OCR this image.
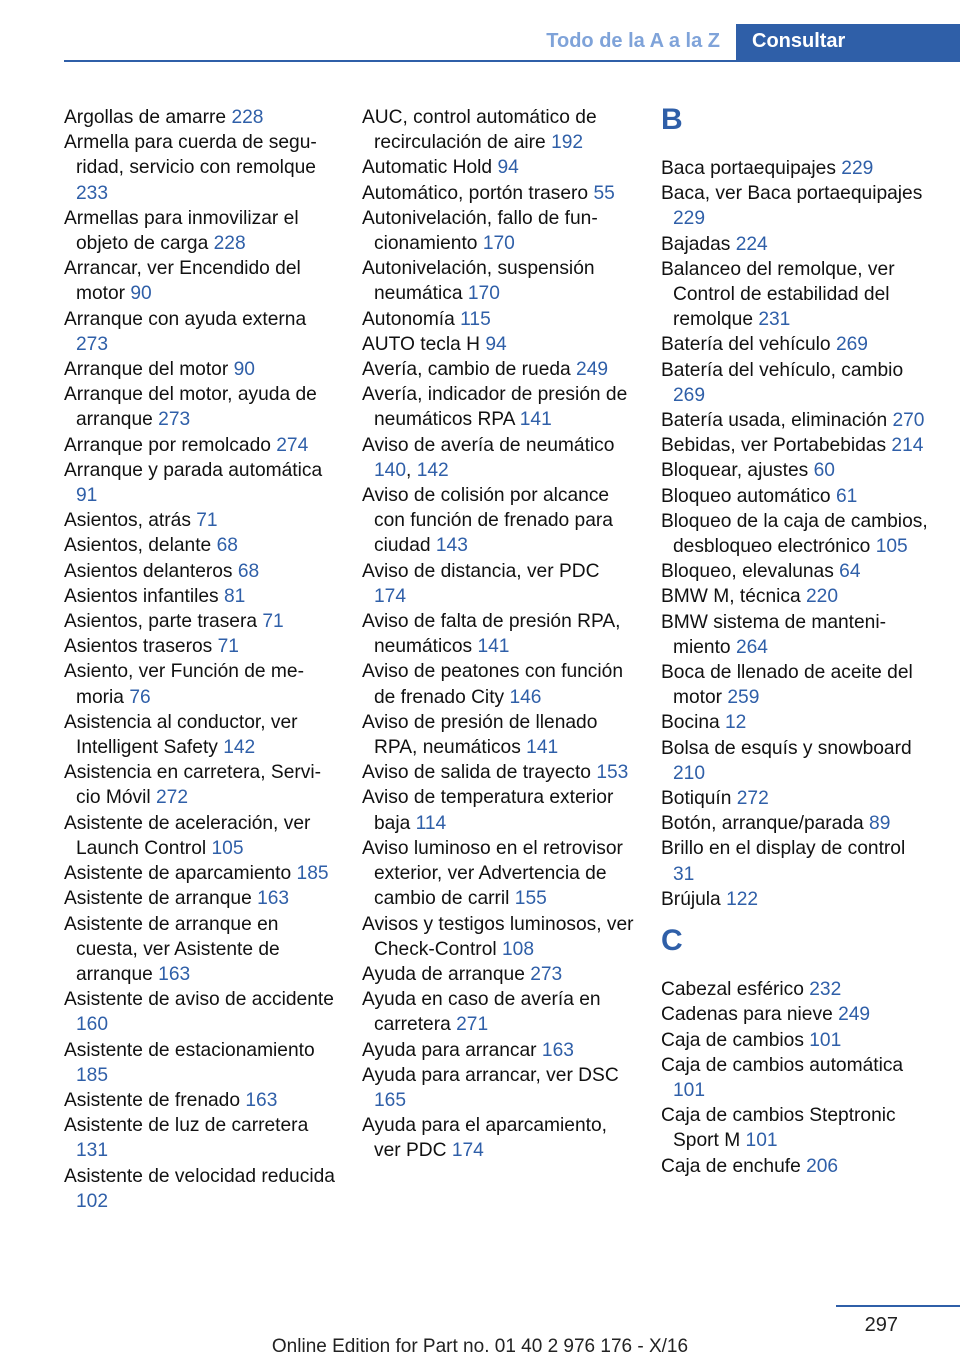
Todo de la A a la Z	Consultar
Argollas de amarre 228
Armella para cuerda de seguridad, servicio con remolque 233
Armellas para inmovilizar el objeto de carga 228
Arrancar, ver Encendido del motor 90
Arranque con ayuda externa 273
Arranque del motor 90
Arranque del motor, ayuda de arranque 273
Arranque por remolcado 274
Arranque y parada automática 91
Asientos, atrás 71
Asientos, delante 68
Asientos delanteros 68
Asientos infantiles 81
Asientos, parte trasera 71
Asientos traseros 71
Asiento, ver Función de memoria 76
Asistencia al conductor, ver Intelligent Safety 142
Asistencia en carretera, Servicio Móvil 272
Asistente de aceleración, ver Launch Control 105
Asistente de aparcamiento 185
Asistente de arranque 163
Asistente de arranque en cuesta, ver Asistente de arranque 163
Asistente de aviso de accidente 160
Asistente de estacionamiento 185
Asistente de frenado 163
Asistente de luz de carretera 131
Asistente de velocidad reducida 102
AUC, control automático de recirculación de aire 192
Automatic Hold 94
Automático, portón trasero 55
Autonivelación, fallo de funcionamiento 170
Autonivelación, suspensión neumática 170
Autonomía 115
AUTO tecla H 94
Avería, cambio de rueda 249
Avería, indicador de presión de neumáticos RPA 141
Aviso de avería de neumático 140, 142
Aviso de colisión por alcance con función de frenado para ciudad 143
Aviso de distancia, ver PDC 174
Aviso de falta de presión RPA, neumáticos 141
Aviso de peatones con función de frenado City 146
Aviso de presión de llenado RPA, neumáticos 141
Aviso de salida de trayecto 153
Aviso de temperatura exterior baja 114
Aviso luminoso en el retrovisor exterior, ver Advertencia de cambio de carril 155
Avisos y testigos luminosos, ver Check-Control 108
Ayuda de arranque 273
Ayuda en caso de avería en carretera 271
Ayuda para arrancar 163
Ayuda para arrancar, ver DSC 165
Ayuda para el aparcamiento, ver PDC 174
B
Baca portaequipajes 229
Baca, ver Baca portaequipajes 229
Bajadas 224
Balanceo del remolque, ver Control de estabilidad del remolque 231
Batería del vehículo 269
Batería del vehículo, cambio 269
Batería usada, eliminación 270
Bebidas, ver Portabebidas 214
Bloquear, ajustes 60
Bloqueo automático 61
Bloqueo de la caja de cambios, desbloqueo electrónico 105
Bloqueo, elevalunas 64
BMW M, técnica 220
BMW sistema de mantenimiento 264
Boca de llenado de aceite del motor 259
Bocina 12
Bolsa de esquís y snowboard 210
Botiquín 272
Botón, arranque/parada 89
Brillo en el display de control 31
Brújula 122
C
Cabezal esférico 232
Cadenas para nieve 249
Caja de cambios 101
Caja de cambios automática 101
Caja de cambios Steptronic Sport M 101
Caja de enchufe 206
297
Online Edition for Part no. 01 40 2 976 176 - X/16
